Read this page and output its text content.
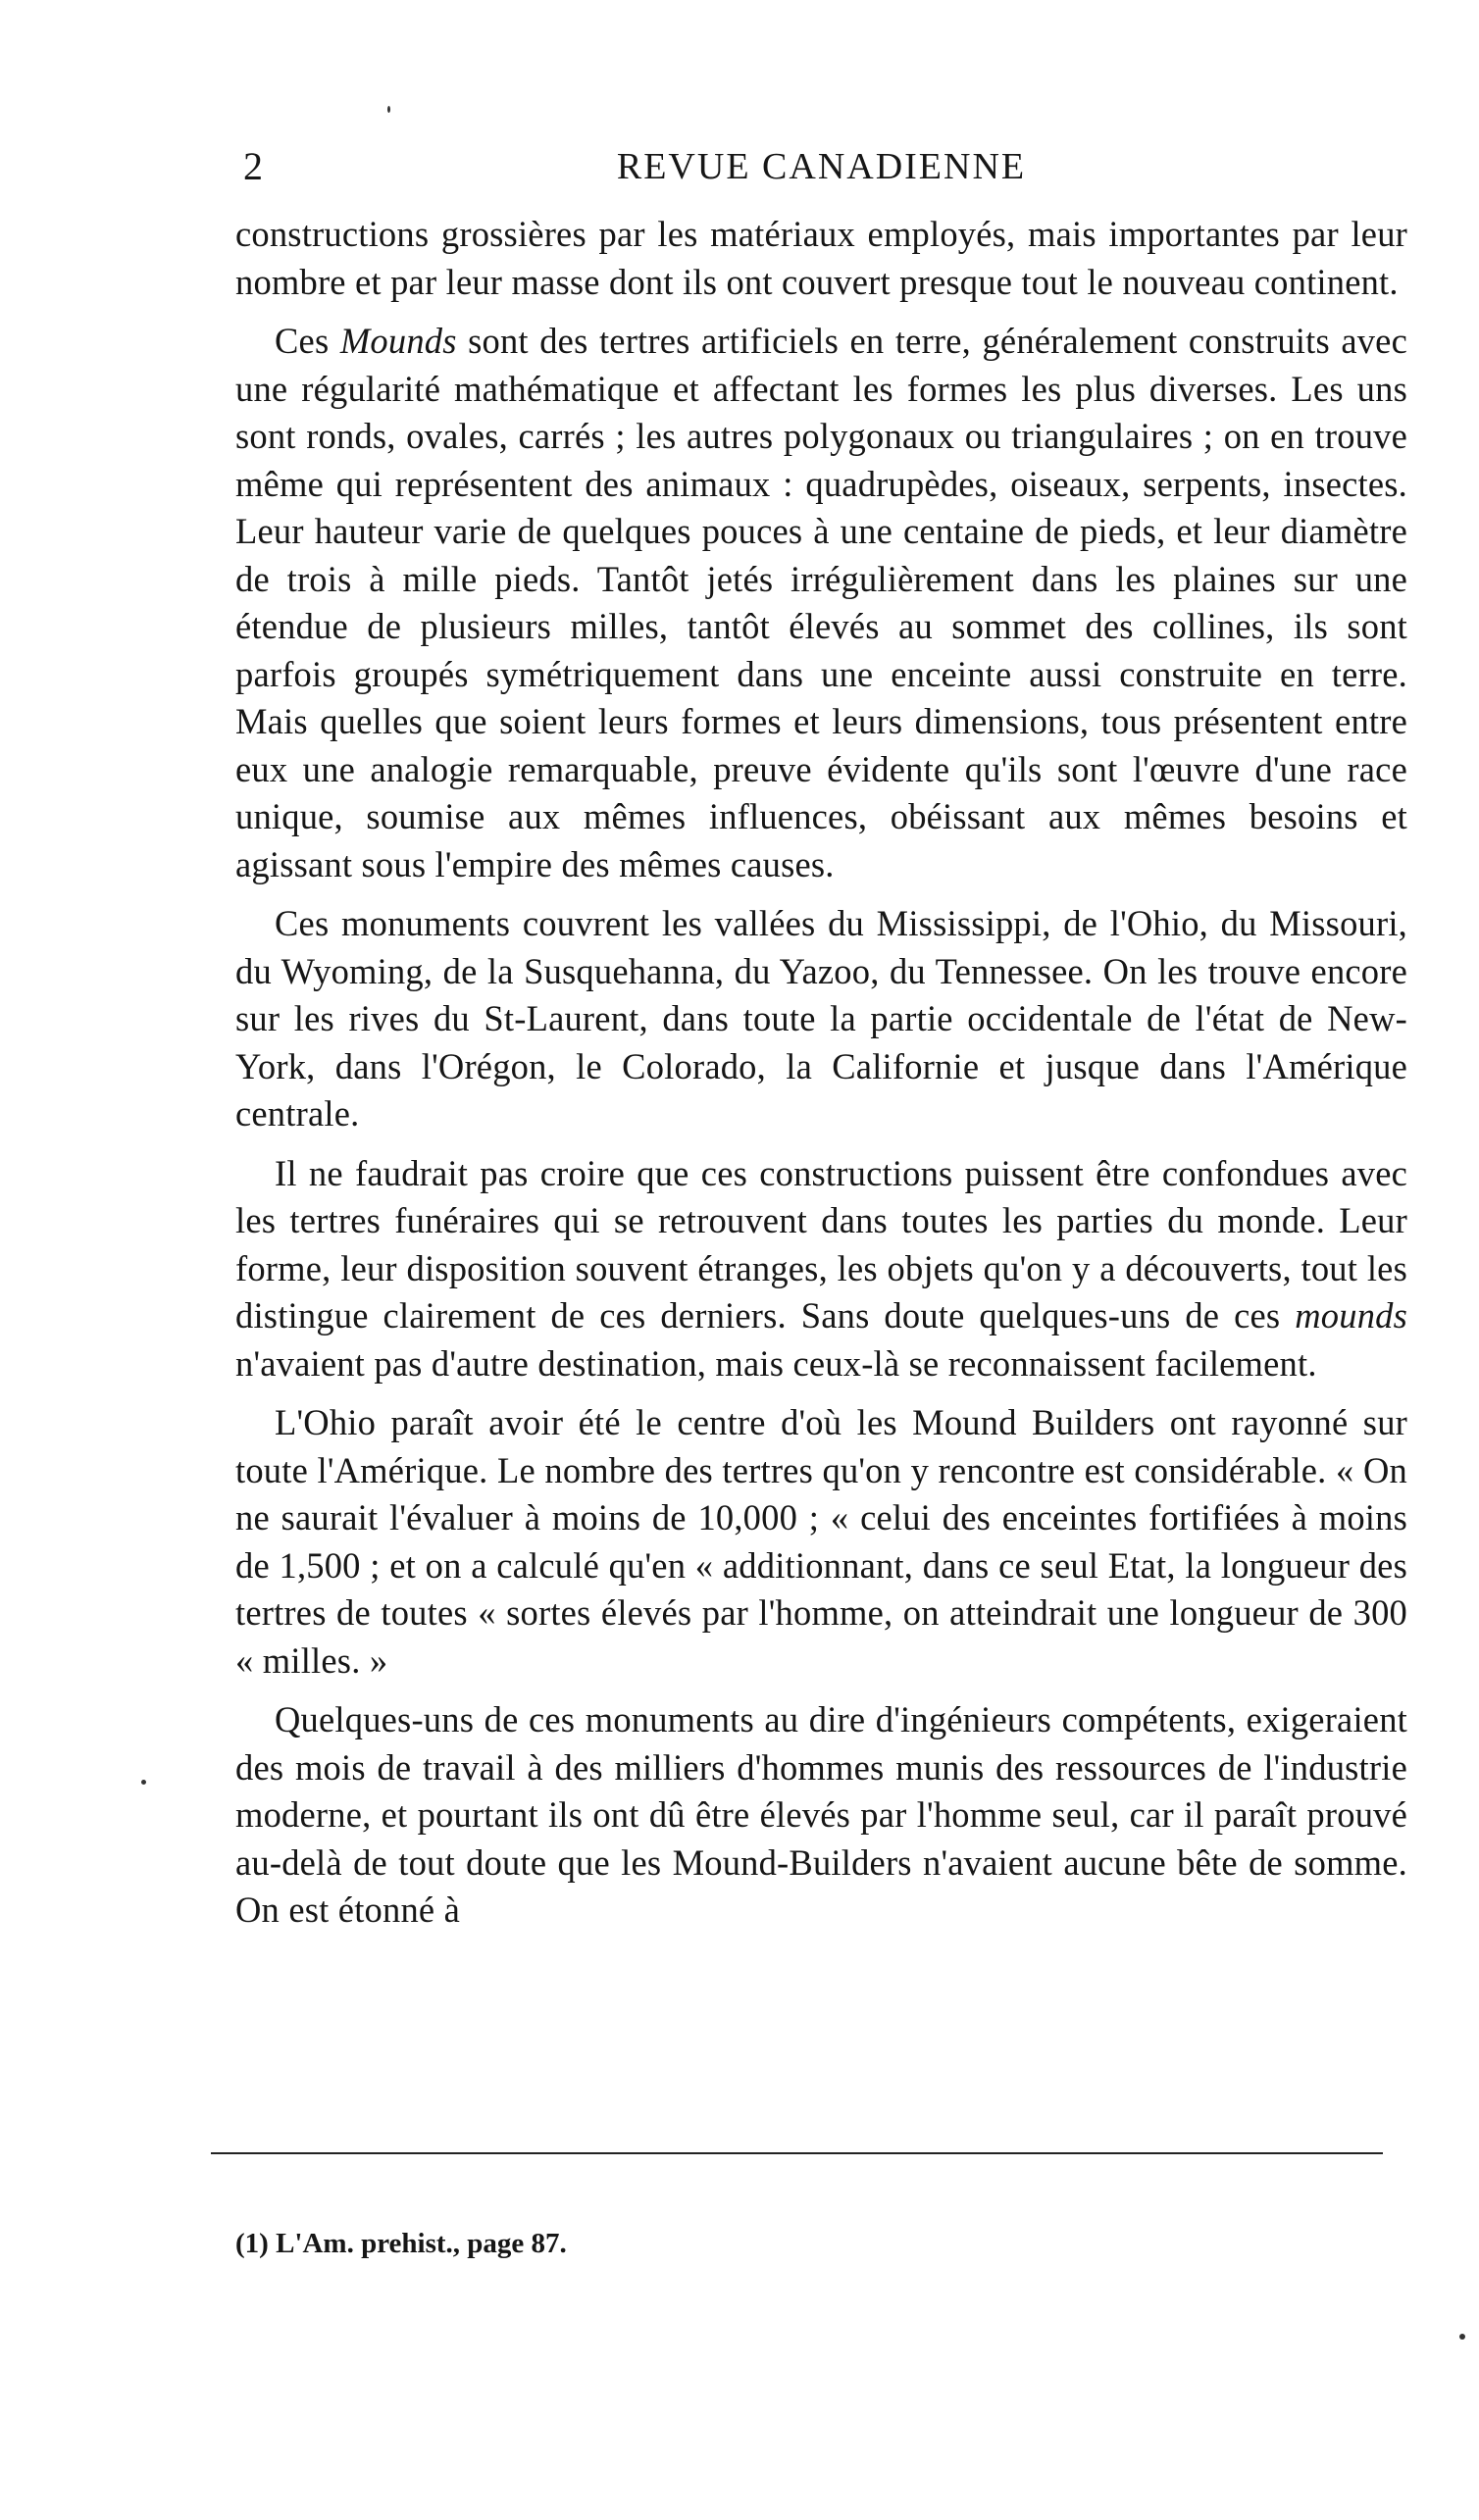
2	REVUE CANADIENNE

constructions grossières par les matériaux employés, mais importantes par leur nombre et par leur masse dont ils ont couvert presque tout le nouveau continent.

Ces Mounds sont des tertres artificiels en terre, généralement construits avec une régularité mathématique et affectant les formes les plus diverses. Les uns sont ronds, ovales, carrés ; les autres polygonaux ou triangulaires ; on en trouve même qui représentent des animaux : quadrupèdes, oiseaux, serpents, insectes. Leur hauteur varie de quelques pouces à une centaine de pieds, et leur diamètre de trois à mille pieds. Tantôt jetés irrégulièrement dans les plaines sur une étendue de plusieurs milles, tantôt élevés au sommet des collines, ils sont parfois groupés symétriquement dans une enceinte aussi construite en terre. Mais quelles que soient leurs formes et leurs dimensions, tous présentent entre eux une analogie remarquable, preuve évidente qu'ils sont l'œuvre d'une race unique, soumise aux mêmes influences, obéissant aux mêmes besoins et agissant sous l'empire des mêmes causes.

Ces monuments couvrent les vallées du Mississippi, de l'Ohio, du Missouri, du Wyoming, de la Susquehanna, du Yazoo, du Tennessee. On les trouve encore sur les rives du St-Laurent, dans toute la partie occidentale de l'état de New-York, dans l'Orégon, le Colorado, la Californie et jusque dans l'Amérique centrale.

Il ne faudrait pas croire que ces constructions puissent être confondues avec les tertres funéraires qui se retrouvent dans toutes les parties du monde. Leur forme, leur disposition souvent étranges, les objets qu'on y a découverts, tout les distingue clairement de ces derniers. Sans doute quelques-uns de ces mounds n'avaient pas d'autre destination, mais ceux-là se reconnaissent facilement.

L'Ohio paraît avoir été le centre d'où les Mound Builders ont rayonné sur toute l'Amérique. Le nombre des tertres qu'on y rencontre est considérable. « On ne saurait l'évaluer à moins de 10,000 ; « celui des enceintes fortifiées à moins de 1,500 ; et on a calculé qu'en « additionnant, dans ce seul Etat, la longueur des tertres de toutes « sortes élevés par l'homme, on atteindrait une longueur de 300 « milles. »

Quelques-uns de ces monuments au dire d'ingénieurs compétents, exigeraient des mois de travail à des milliers d'hommes munis des ressources de l'industrie moderne, et pourtant ils ont dû être élevés par l'homme seul, car il paraît prouvé au-delà de tout doute que les Mound-Builders n'avaient aucune bête de somme. On est étonné à

(1) L'Am. prehist., page 87.
